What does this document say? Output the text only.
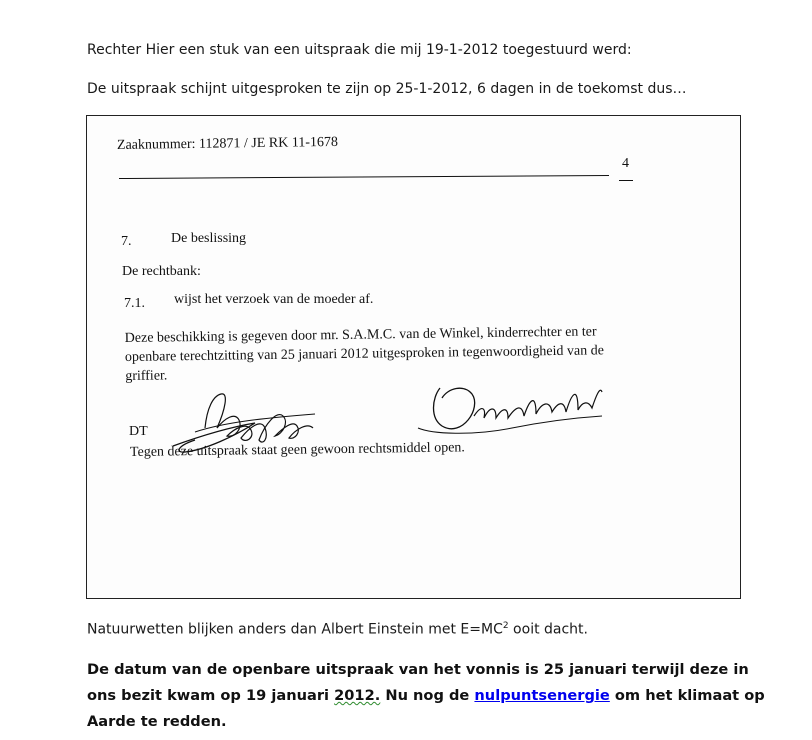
Rechter Hier een stuk van een uitspraak die mij 19-1-2012 toegestuurd werd:
De uitspraak schijnt uitgesproken te zijn op 25-1-2012, 6 dagen in de toekomst dus…
Zaaknummer: 112871 / JE RK 11-1678
4
7.	De beslissing
De rechtbank:
7.1. wijst het verzoek van de moeder af.
Deze beschikking is gegeven door mr. S.A.M.C. van de Winkel, kinderrechter en ter openbare terechtzitting van 25 januari 2012 uitgesproken in tegenwoordigheid van de griffier.
DT
Tegen deze uitspraak staat geen gewoon rechtsmiddel open.
Natuurwetten blijken anders dan Albert Einstein met $E=MC^2$ ooit dacht.
De datum van de openbare uitspraak van het vonnis is 25 januari terwijl deze in ons bezit kwam op 19 januari 2012. Nu nog de nulpuntsenergie om het klimaat op Aarde te redden.
